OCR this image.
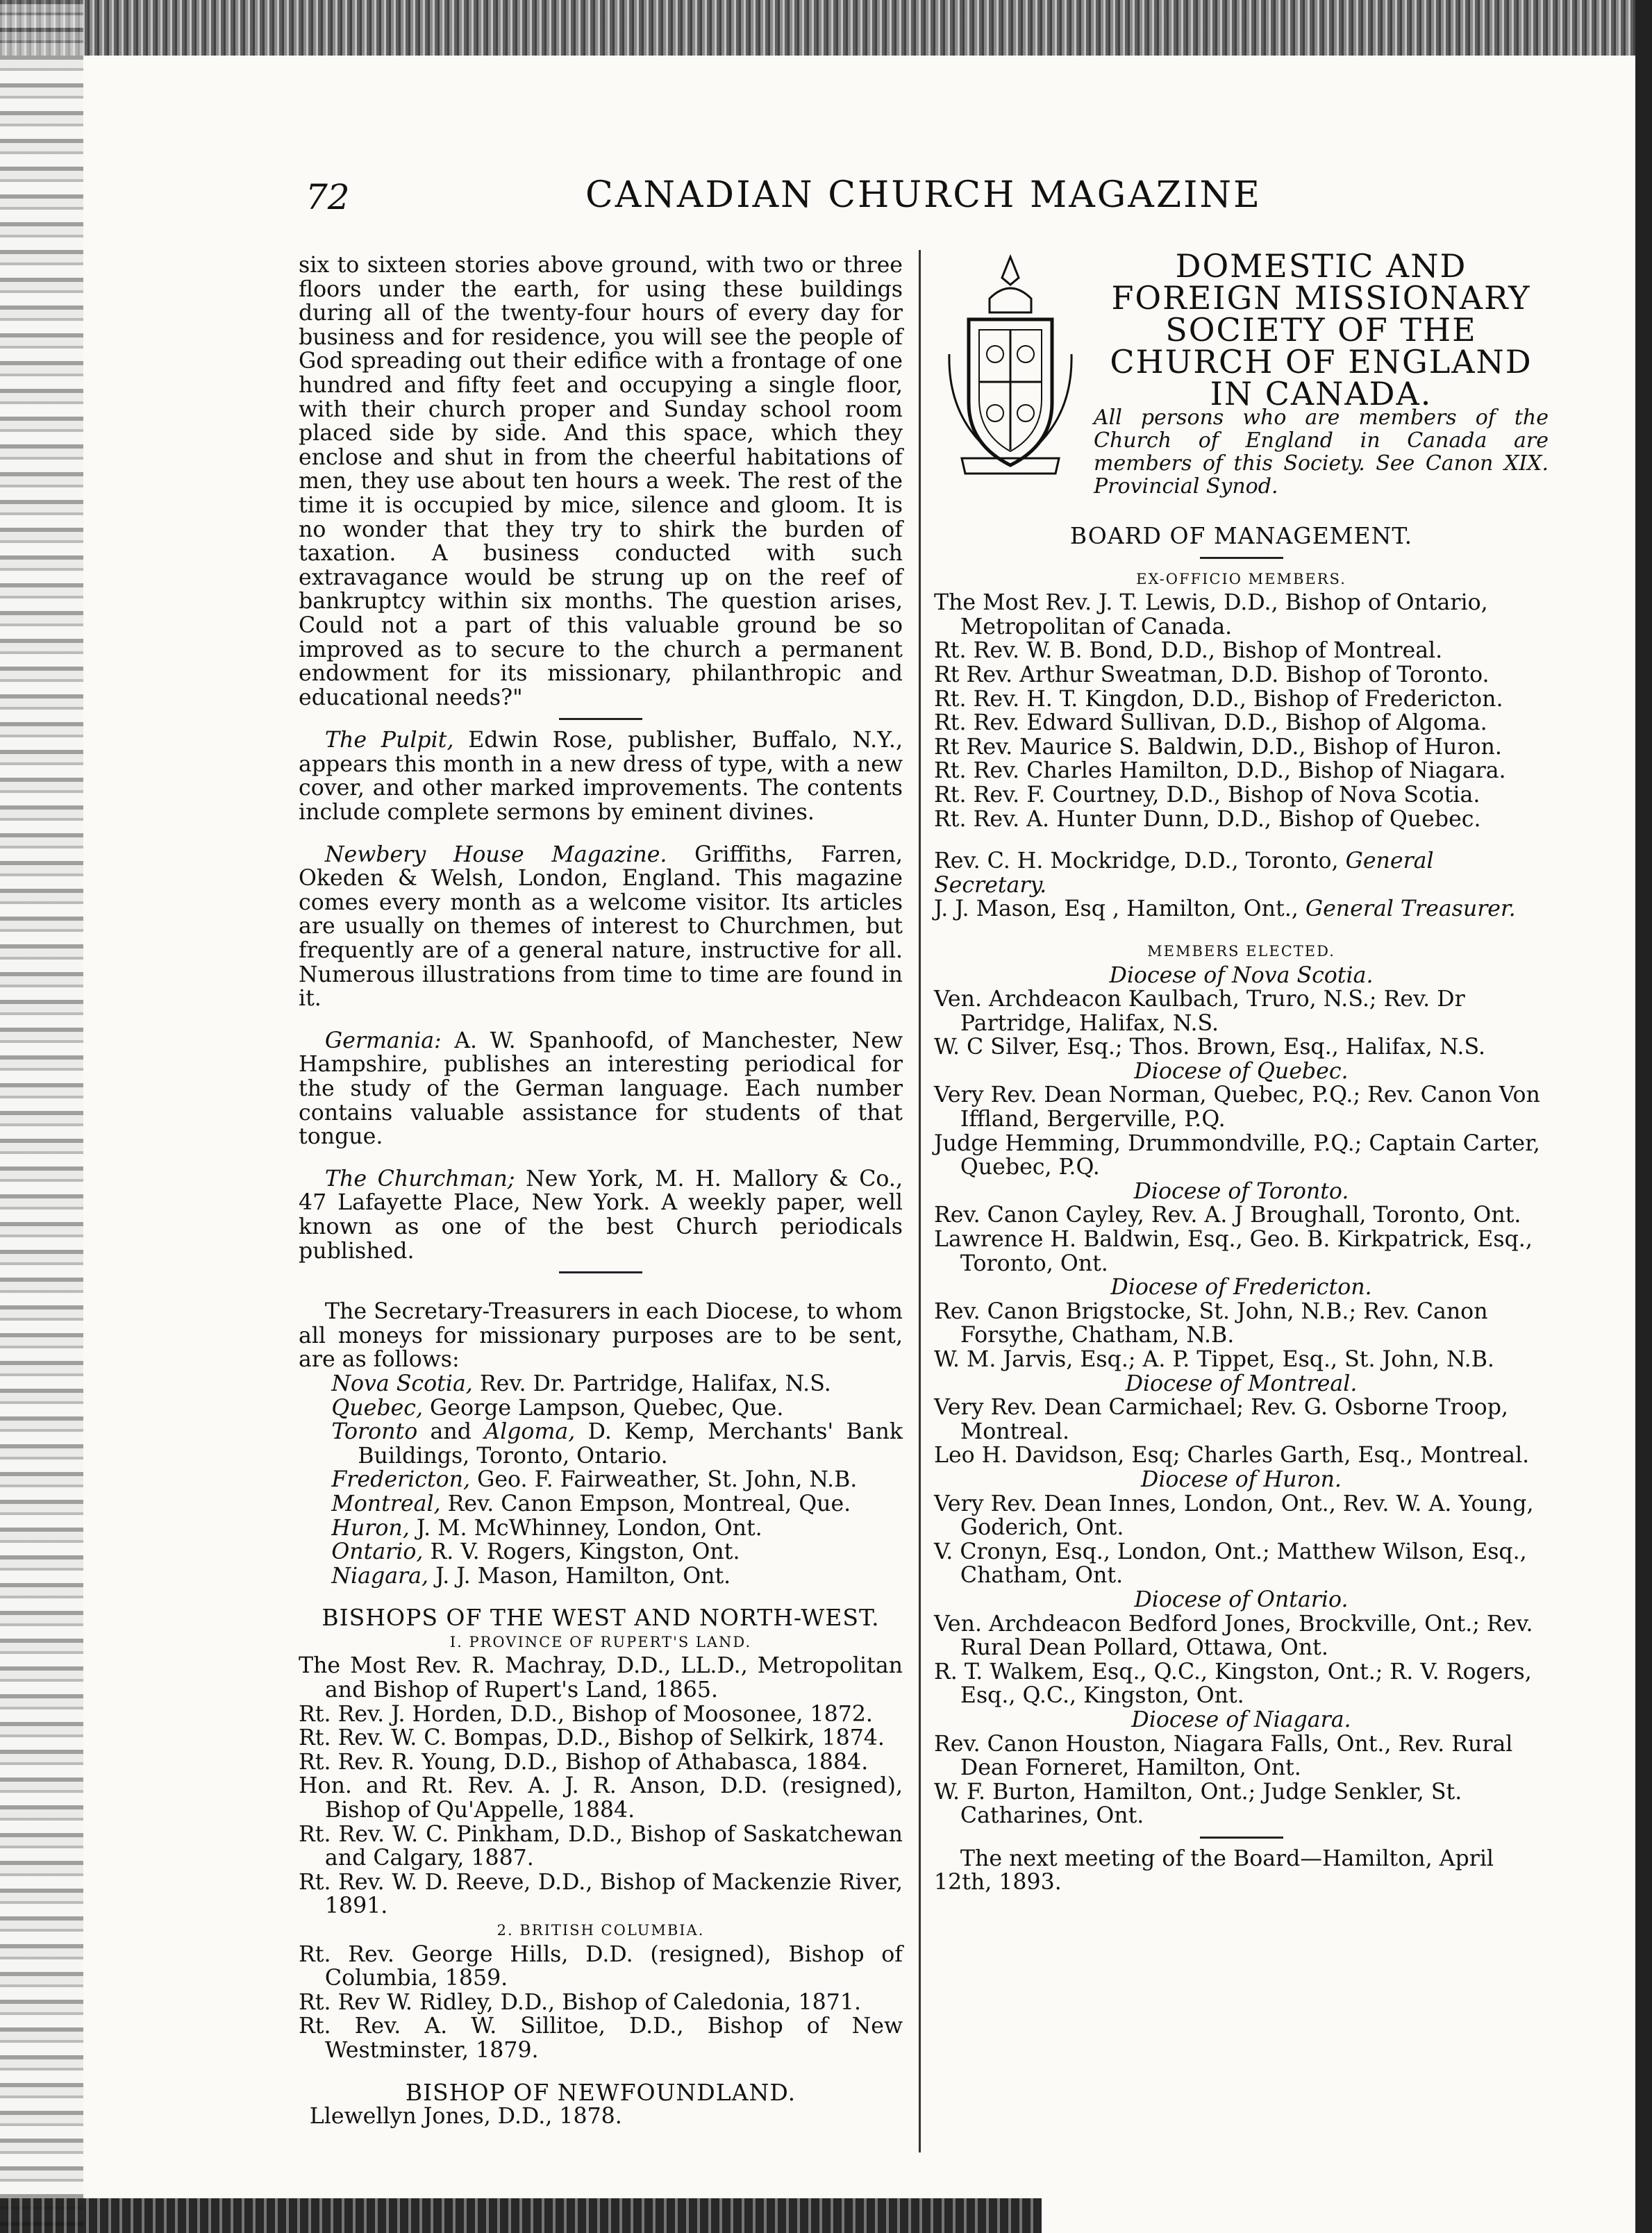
72	CANADIAN CHURCH MAGAZINE

six to sixteen stories above ground, with two or three floors under the earth, for using these buildings during all of the twenty-four hours of every day for business and for residence, you will see the people of God spreading out their edifice with a frontage of one hundred and fifty feet and occupying a single floor, with their church proper and Sunday school room placed side by side. And this space, which they enclose and shut in from the cheerful habitations of men, they use about ten hours a week. The rest of the time it is occupied by mice, silence and gloom. It is no wonder that they try to shirk the burden of taxation. A business conducted with such extravagance would be strung up on the reef of bankruptcy within six months. The question arises, Could not a part of this valuable ground be so improved as to secure to the church a permanent endowment for its missionary, philanthropic and educational needs?"

The Pulpit, Edwin Rose, publisher, Buffalo, N.Y., appears this month in a new dress of type, with a new cover, and other marked improvements. The contents include complete sermons by eminent divines.

Newbery House Magazine. Griffiths, Farren, Okeden & Welsh, London, England. This magazine comes every month as a welcome visitor. Its articles are usually on themes of interest to Churchmen, but frequently are of a general nature, instructive for all. Numerous illustrations from time to time are found in it.

Germania: A. W. Spanhoofd, of Manchester, New Hampshire, publishes an interesting periodical for the study of the German language. Each number contains valuable assistance for students of that tongue.

The Churchman; New York, M. H. Mallory & Co., 47 Lafayette Place, New York. A weekly paper, well known as one of the best Church periodicals published.

The Secretary-Treasurers in each Diocese, to whom all moneys for missionary purposes are to be sent, are as follows:

Nova Scotia, Rev. Dr. Partridge, Halifax, N.S.

Quebec, George Lampson, Quebec, Que.

Toronto and Algoma, D. Kemp, Merchants' Bank Buildings, Toronto, Ontario.

Fredericton, Geo. F. Fairweather, St. John, N.B.

Montreal, Rev. Canon Empson, Montreal, Que.

Huron, J. M. McWhinney, London, Ont.

Ontario, R. V. Rogers, Kingston, Ont.

Niagara, J. J. Mason, Hamilton, Ont.

BISHOPS OF THE WEST AND NORTH-WEST.

I. PROVINCE OF RUPERT'S LAND.

The Most Rev. R. Machray, D.D., LL.D., Metropolitan and Bishop of Rupert's Land, 1865.

Rt. Rev. J. Horden, D.D., Bishop of Moosonee, 1872.

Rt. Rev. W. C. Bompas, D.D., Bishop of Selkirk, 1874.

Rt. Rev. R. Young, D.D., Bishop of Athabasca, 1884.

Hon. and Rt. Rev. A. J. R. Anson, D.D. (resigned), Bishop of Qu'Appelle, 1884.

Rt. Rev. W. C. Pinkham, D.D., Bishop of Saskatchewan and Calgary, 1887.

Rt. Rev. W. D. Reeve, D.D., Bishop of Mackenzie River, 1891.

2. BRITISH COLUMBIA.

Rt. Rev. George Hills, D.D. (resigned), Bishop of Columbia, 1859.

Rt. Rev W. Ridley, D.D., Bishop of Caledonia, 1871.

Rt. Rev. A. W. Sillitoe, D.D., Bishop of New Westminster, 1879.

BISHOP OF NEWFOUNDLAND.

Llewellyn Jones, D.D., 1878.

DOMESTIC AND FOREIGN MISSIONARY SOCIETY OF THE CHURCH OF ENGLAND IN CANADA.
All persons who are members of the Church of England in Canada are members of this Society. See Canon XIX. Provincial Synod.

BOARD OF MANAGEMENT.

EX-OFFICIO MEMBERS.

The Most Rev. J. T. Lewis, D.D., Bishop of Ontario, Metropolitan of Canada.

Rt. Rev. W. B. Bond, D.D., Bishop of Montreal.

Rt Rev. Arthur Sweatman, D.D. Bishop of Toronto.

Rt. Rev. H. T. Kingdon, D.D., Bishop of Fredericton.

Rt. Rev. Edward Sullivan, D.D., Bishop of Algoma.

Rt Rev. Maurice S. Baldwin, D.D., Bishop of Huron.

Rt. Rev. Charles Hamilton, D.D., Bishop of Niagara.

Rt. Rev. F. Courtney, D.D., Bishop of Nova Scotia.

Rt. Rev. A. Hunter Dunn, D.D., Bishop of Quebec.

Rev. C. H. Mockridge, D.D., Toronto, General Secretary.

J. J. Mason, Esq , Hamilton, Ont., General Treasurer.

MEMBERS ELECTED.

Diocese of Nova Scotia.

Ven. Archdeacon Kaulbach, Truro, N.S.; Rev. Dr Partridge, Halifax, N.S.

W. C Silver, Esq.; Thos. Brown, Esq., Halifax, N.S.

Diocese of Quebec.

Very Rev. Dean Norman, Quebec, P.Q.; Rev. Canon Von Iffland, Bergerville, P.Q.

Judge Hemming, Drummondville, P.Q.; Captain Carter, Quebec, P.Q.

Diocese of Toronto.

Rev. Canon Cayley, Rev. A. J Broughall, Toronto, Ont.

Lawrence H. Baldwin, Esq., Geo. B. Kirkpatrick, Esq., Toronto, Ont.

Diocese of Fredericton.

Rev. Canon Brigstocke, St. John, N.B.; Rev. Canon Forsythe, Chatham, N.B.

W. M. Jarvis, Esq.; A. P. Tippet, Esq., St. John, N.B.

Diocese of Montreal.

Very Rev. Dean Carmichael; Rev. G. Osborne Troop, Montreal.

Leo H. Davidson, Esq; Charles Garth, Esq., Montreal.

Diocese of Huron.

Very Rev. Dean Innes, London, Ont., Rev. W. A. Young, Goderich, Ont.

V. Cronyn, Esq., London, Ont.; Matthew Wilson, Esq., Chatham, Ont.

Diocese of Ontario.

Ven. Archdeacon Bedford Jones, Brockville, Ont.; Rev. Rural Dean Pollard, Ottawa, Ont.

R. T. Walkem, Esq., Q.C., Kingston, Ont.; R. V. Rogers, Esq., Q.C., Kingston, Ont.

Diocese of Niagara.

Rev. Canon Houston, Niagara Falls, Ont., Rev. Rural Dean Forneret, Hamilton, Ont.

W. F. Burton, Hamilton, Ont.; Judge Senkler, St. Catharines, Ont.

The next meeting of the Board—Hamilton, April 12th, 1893.
